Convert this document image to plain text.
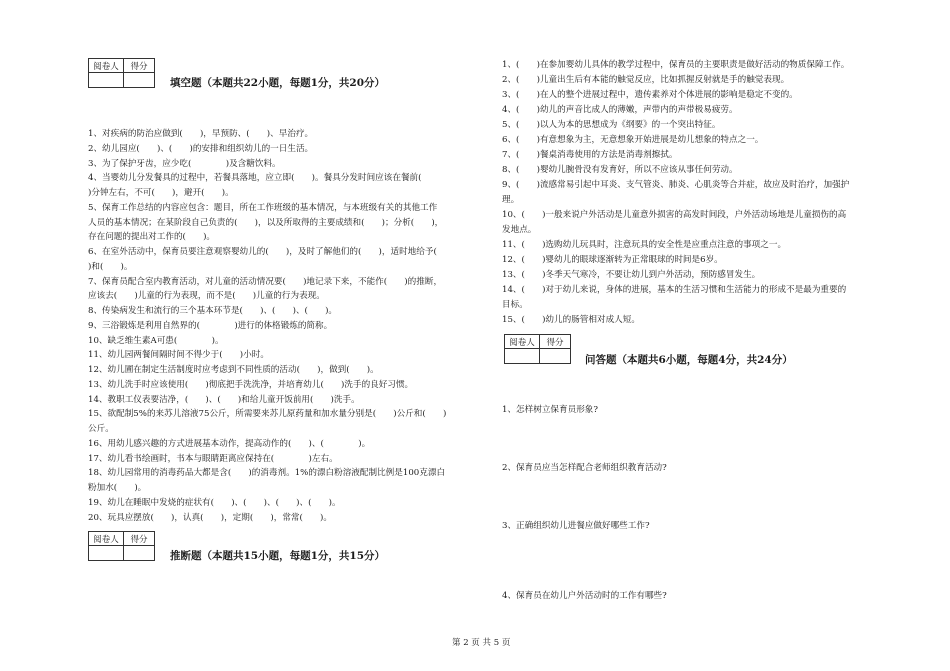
阅卷人	得分

填空题（本题共22小题，每题1分，共20分）
1、对疾病的防治应做到(　　)，早预防、(　　)、早治疗。
2、幼儿园应(　　)、(　　)的安排和组织幼儿的一日生活。
3、为了保护牙齿，应少吃(　　　　)及含糖饮料。
4、当婴幼儿分发餐具的过程中，若餐具落地，应立即(　　)。餐具分发时间应该在餐前(
)分钟左右，不可(　　)，避开(　　)。
5、保育工作总结的内容应包含：题目，所在工作班级的基本情况，与本班级有关的其他工作
人员的基本情况；在某阶段自己负责的(　　)，以及所取得的主要成绩和(　　)；分析(　　)，
存在问题的提出对工作的(　　)。
6、在室外活动中，保育员要注意观察婴幼儿的(　　)，及时了解他们的(　　)，适时地给予(
)和(　　)。
7、保育员配合室内教育活动，对儿童的活动情况要(　　)地记录下来，不能作(　　)的推断，
应该去(　　)儿童的行为表现，而不是(　　)儿童的行为表现。
8、传染病发生和流行的三个基本环节是(　　)、(　　)、(　　)。
9、三浴锻炼是利用自然界的(　　　　)进行的体格锻炼的简称。
10、缺乏维生素A可患(　　　　)。
11、幼儿园两餐间隔时间不得少于(　　)小时。
12、幼儿圃在制定生活制度时应考虑到不同性质的活动(　　)，做到(　　)。
13、幼儿洗手时应该使用(　　)彻底把手洗洗净，并培育幼儿(　　)洗手的良好习惯。
14、教职工仪表要洁净，(　　)、(　　)和给儿童开饭前用(　　)洗手。
15、欲配制5%的来苏儿溶液75公斤，所需要来苏儿原药量和加水量分别是(　　)公斤和(　　)
公斤。
16、用幼儿感兴趣的方式进展基本动作，提高动作的(　　)、(　　　　)。
17、幼儿看书绘画时，书本与眼睛距离应保持在(　　　　)左右。
18、幼儿园常用的消毒药品大都是含(　　)的消毒剂。1%的漂白粉溶液配制比例是100克漂白
粉加水(　　)。
19、幼儿在睡眠中发烧的症状有(　　)、(　　)、(　　)、(　　)。
20、玩具应摆放(　　)，认真(　　)，定期(　　)，常常(　　)。
阅卷人	得分

推断题（本题共15小题，每题1分，共15分）
1、(　　)在参加婴幼儿具体的教学过程中，保育员的主要职责是做好活动的物质保障工作。
2、(　　)儿童出生后有本能的触觉反应，比如抓握反射就是手的触觉表现。
3、(　　)在人的整个进展过程中，遗传素养对个体进展的影响是稳定不变的。
4、(　　)幼儿的声音比成人的薄嫩，声带内的声带极易疲劳。
5、(　　)以人为本的思想成为《纲要》的一个突出特征。
6、(　　)有意想象为主，无意想象开始进展是幼儿想象的特点之一。
7、(　　)餐桌消毒使用的方法是消毒剂擦拭。
8、(　　)婴幼儿腕骨没有发育好，所以不应该从事任何劳动。
9、(　　)流感常易引起中耳炎、支气管炎、肺炎、心肌炎等合并症，故应及时治疗，加强护
理。
10、(　　)一般来说户外活动是儿童意外损害的高发时间段，户外活动场地是儿童损伤的高
发地点。
11、(　　)选购幼儿玩具时，注意玩具的安全性是应重点注意的事项之一。
12、(　　)婴幼儿的眼球逐渐转为正常眼球的时间是6岁。
13、(　　)冬季天气寒冷，不要让幼儿到户外活动，预防感冒发生。
14、(　　)对于幼儿来说，身体的进展，基本的生活习惯和生活能力的形成不是最为重要的
目标。
15、(　　)幼儿的肠管相对成人短。
阅卷人	得分

问答题（本题共6小题，每题4分，共24分）
1、怎样树立保育员形象?
2、保育员应当怎样配合老师组织教育活动?
3、正确组织幼儿进餐应做好哪些工作?
4、保育员在幼儿户外活动时的工作有哪些?
第 2 页 共 5 页
